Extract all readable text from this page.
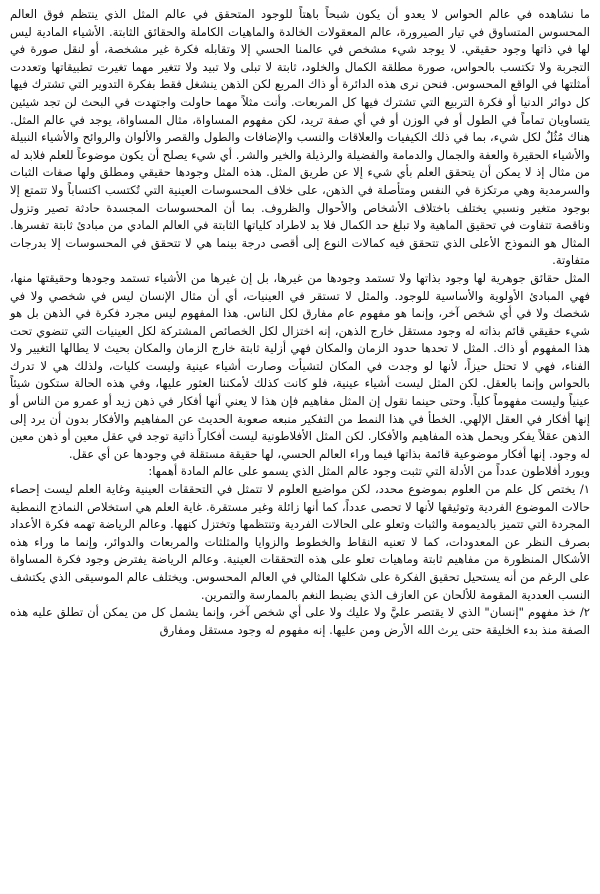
ما نشاهده في عالم الحواس لا يعدو أن يكون شبحاً باهتاً للوجود المتحقق في عالم المثل الذي ينتظم فوق العالم المحسوس المتساوق في تيار الصيرورة، عالم المعقولات الخالدة والماهيات الكاملة والحقائق الثابتة. الأشياء المادية ليس لها في ذاتها وجود حقيقي. لا يوجد شيء مشخص في عالمنا الحسي إلا وتقابله فكرة غير مشخصة، أو لنقل صورة في التجربة ولا تكتسب بالحواس، صورة مطلقة الكمال والخلود، ثابتة لا تبلى ولا تبيد ولا تتغير مهما تغيرت تطبيقاتها وتعددت أمثلتها في الواقع المحسوس. فنحن نرى هذه الدائرة أو ذاك المربع لكن الذهن ينشغل فقط بفكرة التدوير التي تشترك فيها كل دوائر الدنيا أو فكرة التربيع التي تشترك فيها كل المربعات. وأنت مثلاً مهما حاولت واجتهدت في البحث لن تجد شيئين يتساويان تماماً في الطول أو في الوزن أو في أي صفة تريد، لكن مفهوم المساواة، مثال المساواة، يوجد في عالم المثل. هناك مُثُلٌ لكل شيء، بما في ذلك الكيفيات والعلاقات والنسب والإضافات والطول والقصر والألوان والروائح والأشياء النبيلة والأشياء الحقيرة والعفة والجمال والدمامة والفضيلة والرذيلة والخير والشر. أي شيء يصلح أن يكون موضوعاً للعلم فلابد له من مثال إذ لا يمكن أن يتحقق العلم بأي شيء إلا عن طريق المثل. هذه المثل وجودها حقيقي ومطلق ولها صفات الثبات والسرمدية وهي مرتكزة في النفس ومتأصلة في الذهن، على خلاف المحسوسات العينية التي تُكتسب اكتساباً ولا تتمتع إلا بوجود متغير ونسبي يختلف باختلاف الأشخاص والأحوال والظروف. بما أن المحسوسات المجسدة حادثة تصير وتزول وناقصة تتفاوت في تحقيق الماهية ولا تبلغ حد الكمال فلا بد لاطراد كلياتها الثابتة في العالم المادي من مبادئ ثابتة تفسرها. المثال هو النموذج الأعلى الذي تتحقق فيه كمالات النوع إلى أقصى درجة بينما هي لا تتحقق في المحسوسات إلا بدرجات متفاوتة.

المثل حقائق جوهرية لها وجود بذاتها ولا تستمد وجودها من غيرها، بل إن غيرها من الأشياء تستمد وجودها وحقيقتها منها، فهي المبادئ الأولوية والأساسية للوجود. والمثل لا تستقر في العينيات، أي أن مثال الإنسان ليس في شخصي ولا في شخصك ولا في أي شخص آخر، وإنما هو مفهوم عام مفارق لكل الناس. هذا المفهوم ليس مجرد فكرة في الذهن بل هو شيء حقيقي قائم بذاته له وجود مستقل خارج الذهن، إنه اختزال لكل الخصائص المشتركة لكل العينيات التي تنضوي تحت هذا المفهوم أو ذاك. المثل لا تحدها حدود الزمان والمكان فهي أزلية ثابتة خارج الزمان والمكان بحيث لا يطالها التغيير ولا الفناء، فهي لا تحتل حيزاً، لأنها لو وجدت في المكان لتشيأت وصارت أشياء عينية وليست كليات، ولذلك هي لا تدرك بالحواس وإنما بالعقل. لكن المثل ليست أشياء عينية، فلو كانت كذلك لأمكننا العثور عليها، وفي هذه الحالة ستكون شيئاً عينياً وليست مفهوماً كلياً. وحتى حينما نقول إن المثل مفاهيم فإن هذا لا يعني أنها أفكار في ذهن زيد أو عمرو من الناس أو إنها أفكار في العقل الإلهي. الخطأ في هذا النمط من التفكير منبعه صعوبة الحديث عن المفاهيم والأفكار بدون أن يرد إلى الذهن عقلاً يفكر ويحمل هذه المفاهيم والأفكار. لكن المثل الأفلاطونية ليست أفكاراً ذاتية توجد في عقل معين أو ذهن معين له وجود. إنها أفكار موضوعية قائمة بذاتها فيما وراء العالم الحسي، لها حقيقة مستقلة في وجودها عن أي عقل.

ويورد أفلاطون عدداً من الأدلة التي تثبت وجود عالم المثل الذي يسمو على عالم المادة أهمها:

١/ يختص كل علم من العلوم بموضوع محدد، لكن مواضيع العلوم لا تتمثل في التحققات العينية وغاية العلم ليست إحصاء حالات الموضوع الفردية وتوثيقها لأنها لا تحصى عدداً، كما أنها زائلة وغير مستقرة. غاية العلم هي استخلاص النماذج النمطية المجردة التي تتميز بالديمومة والثبات وتعلو على الحالات الفردية وتنتظمها وتختزل كنهها. وعالم الرياضة تهمه فكرة الأعداد بصرف النظر عن المعدودات، كما لا تعنيه النقاط والخطوط والزوايا والمثلثات والمربعات والدوائر، وإنما ما وراء هذه الأشكال المنظورة من مفاهيم ثابتة وماهيات تعلو على هذه التحققات العينية. وعالم الرياضة يفترض وجود فكرة المساواة على الرغم من أنه يستحيل تحقيق الفكرة على شكلها المثالي في العالم المحسوس. ويختلف عالم الموسيقى الذي يكتشف النسب العددية المقومة للألحان عن العازف الذي يضبط النغم بالممارسة والتمرين.

٢/ خذ مفهوم "إنسان" الذي لا يقتصر عليَّ ولا عليك ولا على أي شخص آخر، وإنما يشمل كل من يمكن أن تطلق عليه هذه الصفة منذ بدء الخليقة حتى يرث الله الأرض ومن عليها. إنه مفهوم له وجود مستقل ومفارق
